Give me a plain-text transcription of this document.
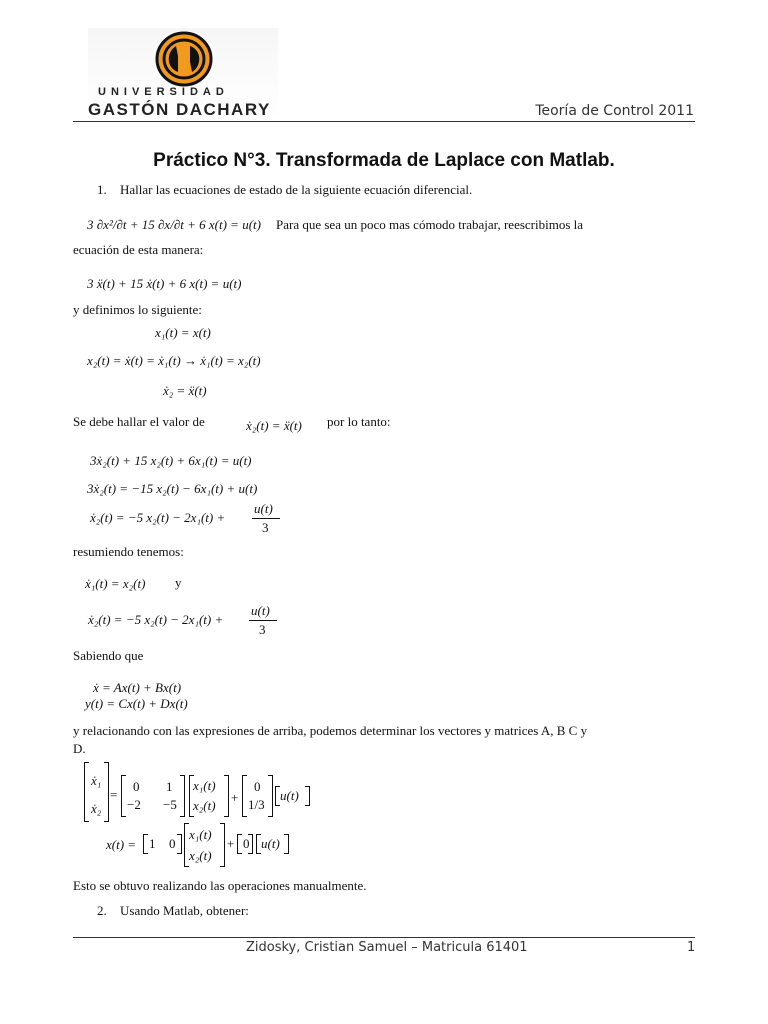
UNIVERSIDAD
GASTÓN DACHARY	Teoría de Control 2011
Práctico N°3. Transformada de Laplace con Matlab.
1. Hallar las ecuaciones de estado de la siguiente ecuación diferencial.
3 ∂x²/∂t + 15 ∂x/∂t + 6 x(t) = u(t) Para que sea un poco mas cómodo trabajar, reescribimos la
ecuación de esta manera:
3 ẍ(t) + 15 ẋ(t) + 6 x(t) = u(t)
y definimos lo siguiente:
x₁(t) = x(t)
x₂(t) = ẋ(t) = ẋ₁(t) → ẋ₁(t) = x₂(t)
ẋ₂ = ẍ(t)
Se debe hallar el valor de	ẋ₂(t) = ẍ(t) por lo tanto:
3ẋ₂(t) + 15 x₂(t) + 6x₁(t) = u(t)
3ẋ₂(t) = −15 x₂(t) − 6x₁(t) + u(t)
ẋ₂(t) = −5 x₂(t) − 2x₁(t) +
u(t)
3
resumiendo tenemos:
ẋ₁(t) = x₂(t) y
ẋ₂(t) = −5 x₂(t) − 2x₁(t) +
u(t)
3
Sabiendo que
ẋ = Ax(t) + Bx(t)
y(t) = Cx(t) + Dx(t)
y relacionando con las expresiones de arriba, podemos determinar los vectores y matrices A, B C y
D.
ẋ₁
ẋ₂
=
0 1
−2 −5
x₁(t)
x₂(t)
+
0
1/3
u(t)
x(t) = 1 0
x₁(t)
x₂(t)
+ 0 u(t)
Esto se obtuvo realizando las operaciones manualmente.
2. Usando Matlab, obtener:
Zidosky, Cristian Samuel – Matricula 61401	1
